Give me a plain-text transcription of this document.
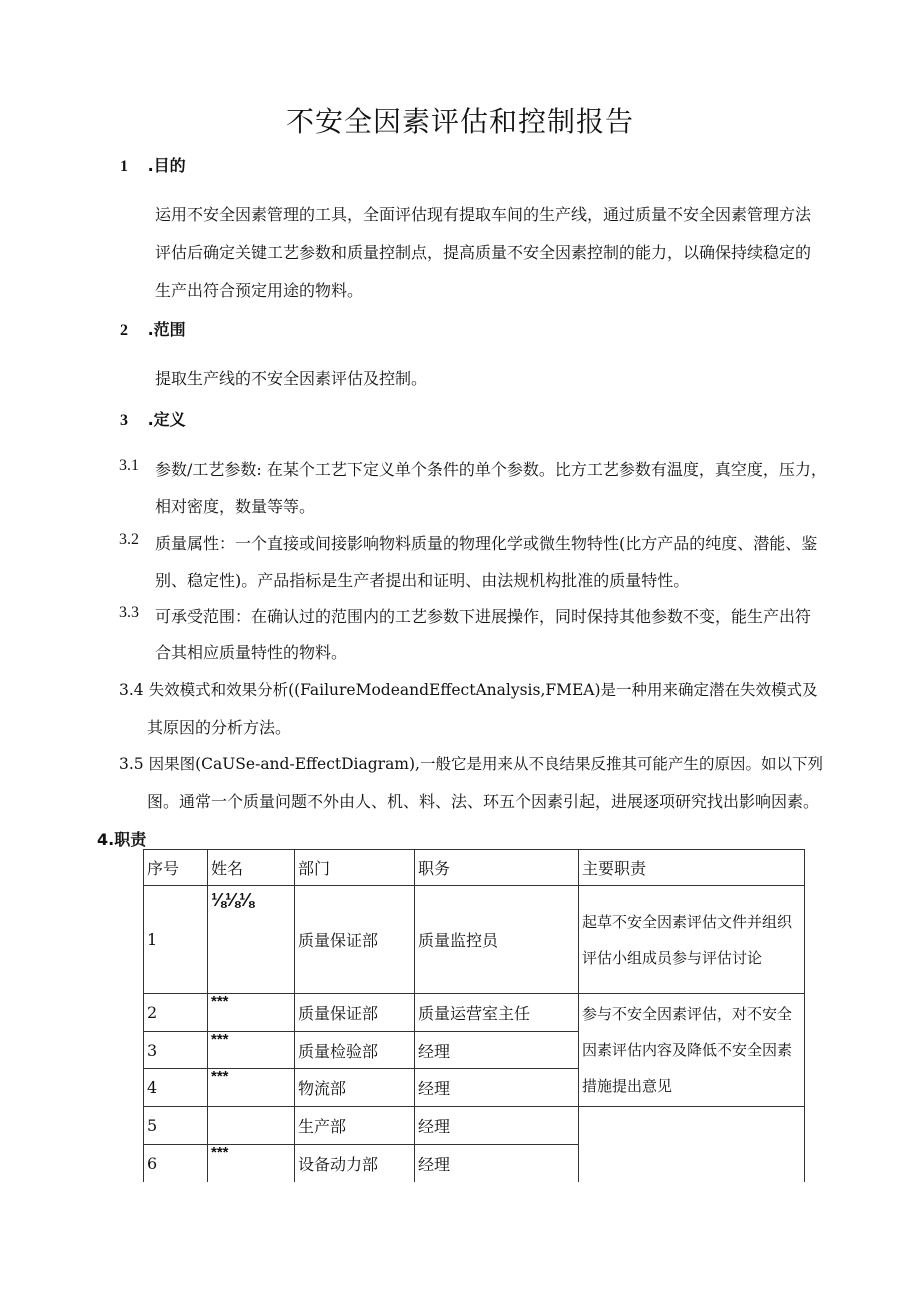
不安全因素评估和控制报告
1 .目的
运用不安全因素管理的工具，全面评估现有提取车间的生产线，通过质量不安全因素管理方法
评估后确定关键工艺参数和质量控制点，提高质量不安全因素控制的能力，以确保持续稳定的
生产出符合预定用途的物料。
2 .范围
提取生产线的不安全因素评估及控制。
3 .定义
3.1 参数/工艺参数: 在某个工艺下定义单个条件的单个参数。比方工艺参数有温度，真空度，压力，
相对密度，数量等等。
3.2 质量属性：一个直接或间接影响物料质量的物理化学或微生物特性(比方产品的纯度、潜能、鉴
别、稳定性)。产品指标是生产者提出和证明、由法规机构批准的质量特性。
3.3 可承受范围：在确认过的范围内的工艺参数下进展操作，同时保持其他参数不变，能生产出符
合其相应质量特性的物料。
3.4 失效模式和效果分析((FailureModeandEffectAnalysis,FMEA)是一种用来确定潜在失效模式及
其原因的分析方法。
3.5 因果图(CaUSe-and-EffectDiagram),一般它是用来从不良结果反推其可能产生的原因。如以下列
图。通常一个质量问题不外由人、机、料、法、环五个因素引起，进展逐项研究找出影响因素。
4.职责
序号	姓名	部门	职务	主要职责
1	⅛⅛⅛	质量保证部	质量监控员	起草不安全因素评估文件并组织
评估小组成员参与评估讨论

2	***	质量保证部	质量运营室主任	参与不安全因素评估，对不安全
因素评估内容及降低不安全因素
措施提出意见

3	***	质量检验部	经理	
4	***	物流部	经理	
5		生产部	经理	
6	***	设备动力部	经理	
